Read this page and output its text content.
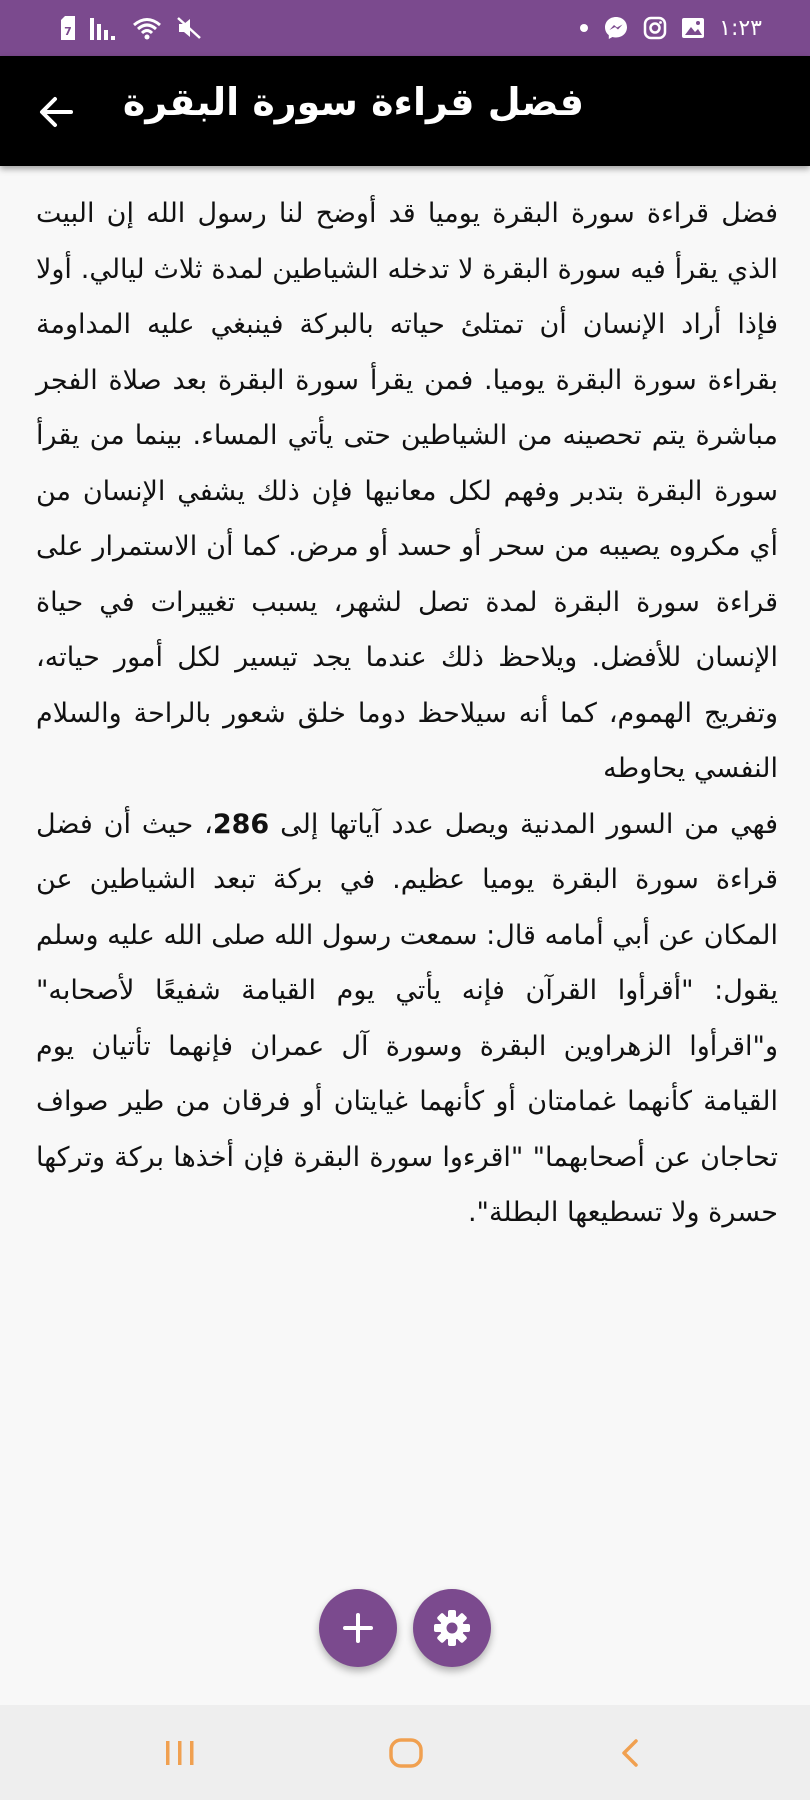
7	١:٢٣
فضل قراءة سورة البقرة

فضل قراءة سورة البقرة يوميا قد أوضح لنا رسول الله إن البيت الذي يقرأ فيه سورة البقرة لا تدخله الشياطين لمدة ثلاث ليالي. أولا فإذا أراد الإنسان أن تمتلئ حياته بالبركة فينبغي عليه المداومة بقراءة سورة البقرة يوميا. فمن يقرأ سورة البقرة بعد صلاة الفجر مباشرة يتم تحصينه من الشياطين حتى يأتي المساء. بينما من يقرأ سورة البقرة بتدبر وفهم لكل معانيها فإن ذلك يشفي الإنسان من أي مكروه يصيبه من سحر أو حسد أو مرض. كما أن الاستمرار على قراءة سورة البقرة لمدة تصل لشهر، يسبب تغييرات في حياة الإنسان للأفضل. ويلاحظ ذلك عندما يجد تيسير لكل أمور حياته، وتفريج الهموم، كما أنه سيلاحظ دوما خلق شعور بالراحة والسلام النفسي يحاوطه

فهي من السور المدنية ويصل عدد آياتها إلى 286، حيث أن فضل قراءة سورة البقرة يوميا عظيم. في بركة تبعد الشياطين عن المكان عن أبي أمامه قال: سمعت رسول الله صلى الله عليه وسلم يقول: "أقرأوا القرآن فإنه يأتي يوم القيامة شفيعًا لأصحابه" و"اقرأوا الزهراوين البقرة وسورة آل عمران فإنهما تأتيان يوم القيامة كأنهما غمامتان أو كأنهما غيايتان أو فرقان من طير صواف تحاجان عن أصحابهما" "اقرءوا سورة البقرة فإن أخذها بركة وتركها حسرة ولا تسطيعها البطلة".
